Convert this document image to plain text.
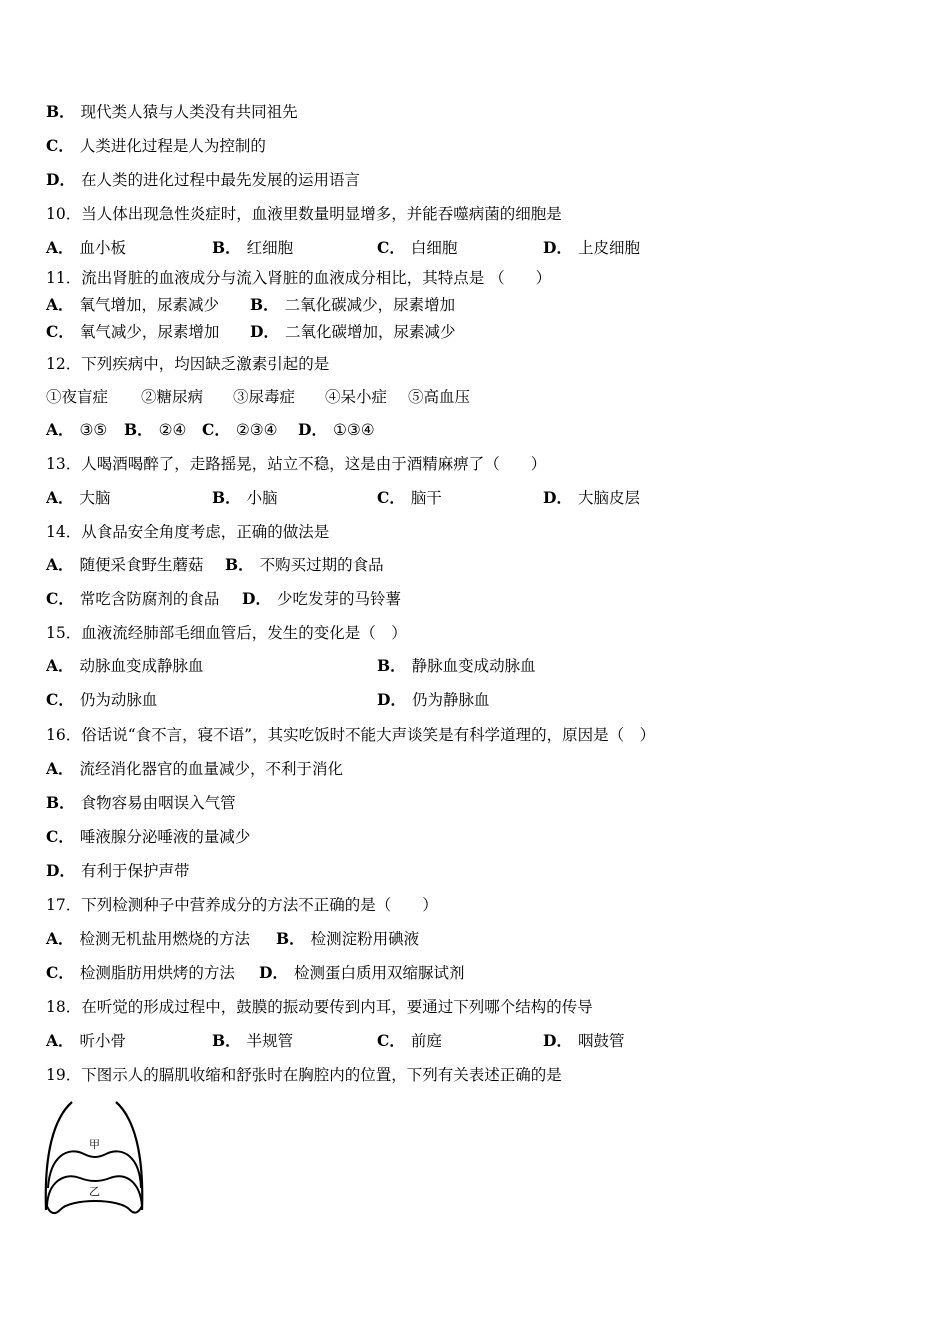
B． 现代类人猿与人类没有共同祖先
C． 人类进化过程是人为控制的
D． 在人类的进化过程中最先发展的运用语言
10．当人体出现急性炎症时，血液里数量明显增多，并能吞噬病菌的细胞是
A． 血小板	B． 红细胞	C． 白细胞	D． 上皮细胞
11．流出肾脏的血液成分与流入肾脏的血液成分相比，其特点是 （　　）
A． 氧气增加，尿素减少 B． 二氧化碳减少，尿素增加
C． 氧气减少，尿素增加 D． 二氧化碳增加，尿素减少
12．下列疾病中，均因缺乏激素引起的是
①夜盲症 ②糖尿病 ③尿毒症 ④呆小症 ⑤高血压
A． ③⑤ B． ②④ C． ②③④ D． ①③④
13．人喝酒喝醉了，走路摇晃，站立不稳，这是由于酒精麻痹了（　　）
A． 大脑	B． 小脑	C． 脑干	D． 大脑皮层
14．从食品安全角度考虑，正确的做法是
A． 随便采食野生蘑菇 B． 不购买过期的食品
C． 常吃含防腐剂的食品 D． 少吃发芽的马铃薯
15．血液流经肺部毛细血管后，发生的变化是（　）
A． 动脉血变成静脉血	B． 静脉血变成动脉血
C． 仍为动脉血	D． 仍为静脉血
16．俗话说“食不言，寝不语”，其实吃饭时不能大声谈笑是有科学道理的，原因是（　）
A． 流经消化器官的血量减少，不利于消化
B． 食物容易由咽误入气管
C． 唾液腺分泌唾液的量减少
D． 有利于保护声带
17．下列检测种子中营养成分的方法不正确的是（　　）
A． 检测无机盐用燃烧的方法 B． 检测淀粉用碘液
C． 检测脂肪用烘烤的方法 D． 检测蛋白质用双缩脲试剂
18．在听觉的形成过程中，鼓膜的振动要传到内耳，要通过下列哪个结构的传导
A． 听小骨	B． 半规管	C． 前庭	D． 咽鼓管
19．下图示人的膈肌收缩和舒张时在胸腔内的位置，下列有关表述正确的是
甲
乙
